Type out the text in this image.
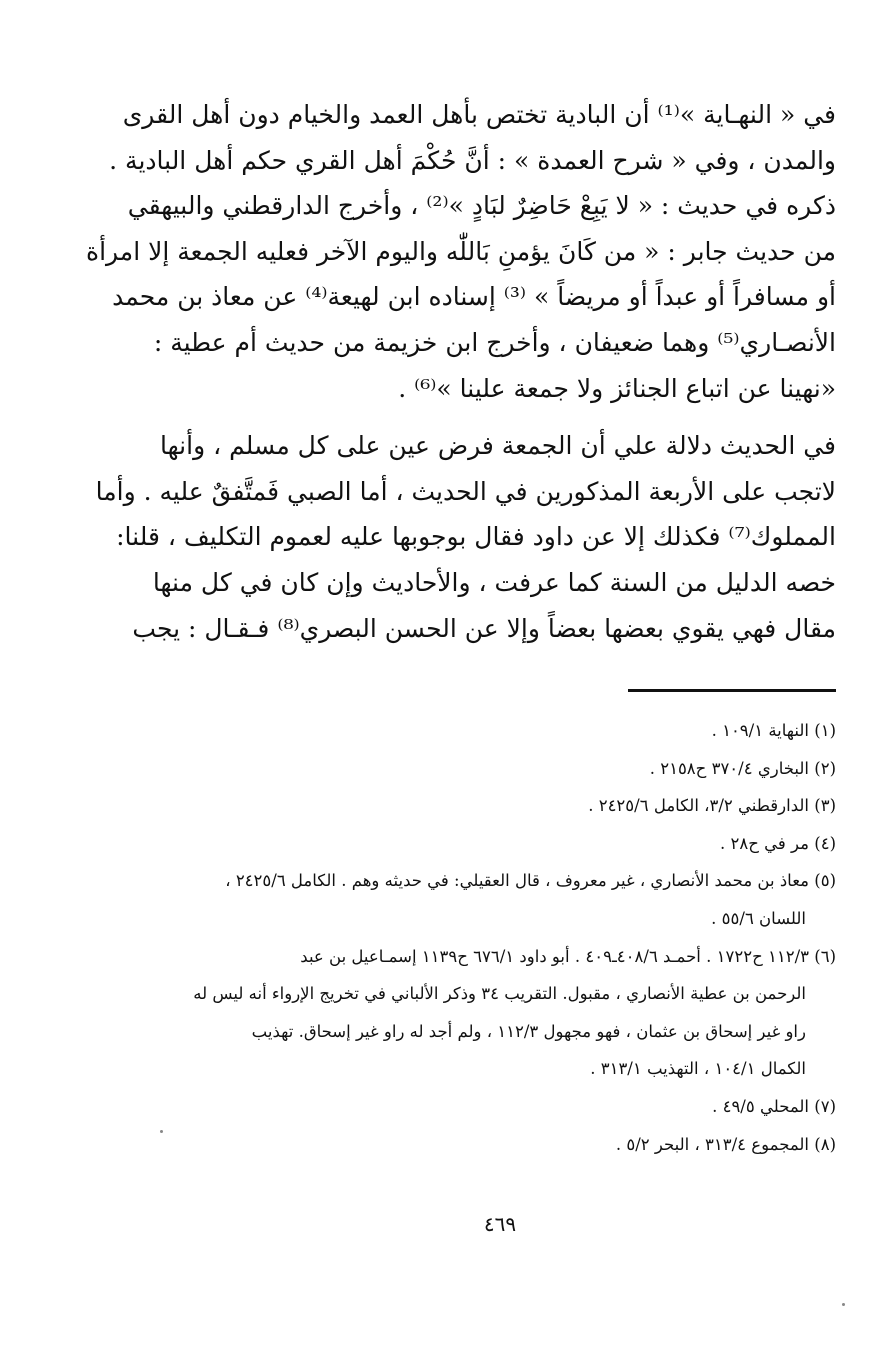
في « النهـاية »⁽¹⁾ أن البادية تختص بأهل العمد والخيام دون أهل القرى
والمدن ، وفي « شرح العمدة » : أنَّ حُكْمَ أهل القري حكم أهل البادية .
ذكره في حديث : « لا يَبِعْ حَاضِرٌ لبَادٍ »⁽²⁾ ، وأخرج الدارقطني والبيهقي
من حديث جابر : « من كَانَ يؤمنِ بَاللّٰه واليوم الآخر فعليه الجمعة إلا امرأة
أو مسافراً أو عبداً أو مريضاً » ⁽³⁾ إسناده ابن لهيعة⁽⁴⁾ عن معاذ بن محمد
الأنصـاري⁽⁵⁾ وهما ضعيفان ، وأخرج ابن خزيمة من حديث أم عطية :
«نهينا عن اتباع الجنائز ولا جمعة علينا »⁽⁶⁾ .

في الحديث دلالة علي أن الجمعة فرض عين على كل مسلم ، وأنها
لاتجب على الأربعة المذكورين في الحديث ، أما الصبي فَمتَّفقٌ عليه . وأما
المملوك⁽⁷⁾ فكذلك إلا عن داود فقال بوجوبها عليه لعموم التكليف ، قلنا:
خصه الدليل من السنة كما عرفت ، والأحاديث وإن كان في كل منها
مقال فهي يقوي بعضها بعضاً وإلا عن الحسن البصري⁽⁸⁾ فـقـال : يجب

(١) النهاية ١٠٩/١ .
(٢) البخاري ٣٧٠/٤ ح٢١٥٨ .
(٣) الدارقطني ٣/٢، الكامل ٢٤٢٥/٦ .
(٤) مر في ح٢٨ .
(٥) معاذ بن محمد الأنصاري ، غير معروف ، قال العقيلي: في حديثه وهم . الكامل ٢٤٢٥/٦ ،
اللسان ٥٥/٦ .
(٦) ١١٢/٣ ح١٧٢٢ . أحمـد ٤٠٨/٦ـ٤٠٩ . أبو داود ٦٧٦/١ ح١١٣٩ إسمـاعيل بن عبد
الرحمن بن عطية الأنصاري ، مقبول. التقريب ٣٤ وذكر الألباني في تخريج الإرواء أنه ليس له
راو غير إسحاق بن عثمان ، فهو مجهول ١١٢/٣ ، ولم أجد له راو غير إسحاق. تهذيب
الكمال ١٠٤/١ ، التهذيب ٣١٣/١ .
(٧) المحلي ٤٩/٥ .
(٨) المجموع ٣١٣/٤ ، البحر ٥/٢ .
٤٦٩
